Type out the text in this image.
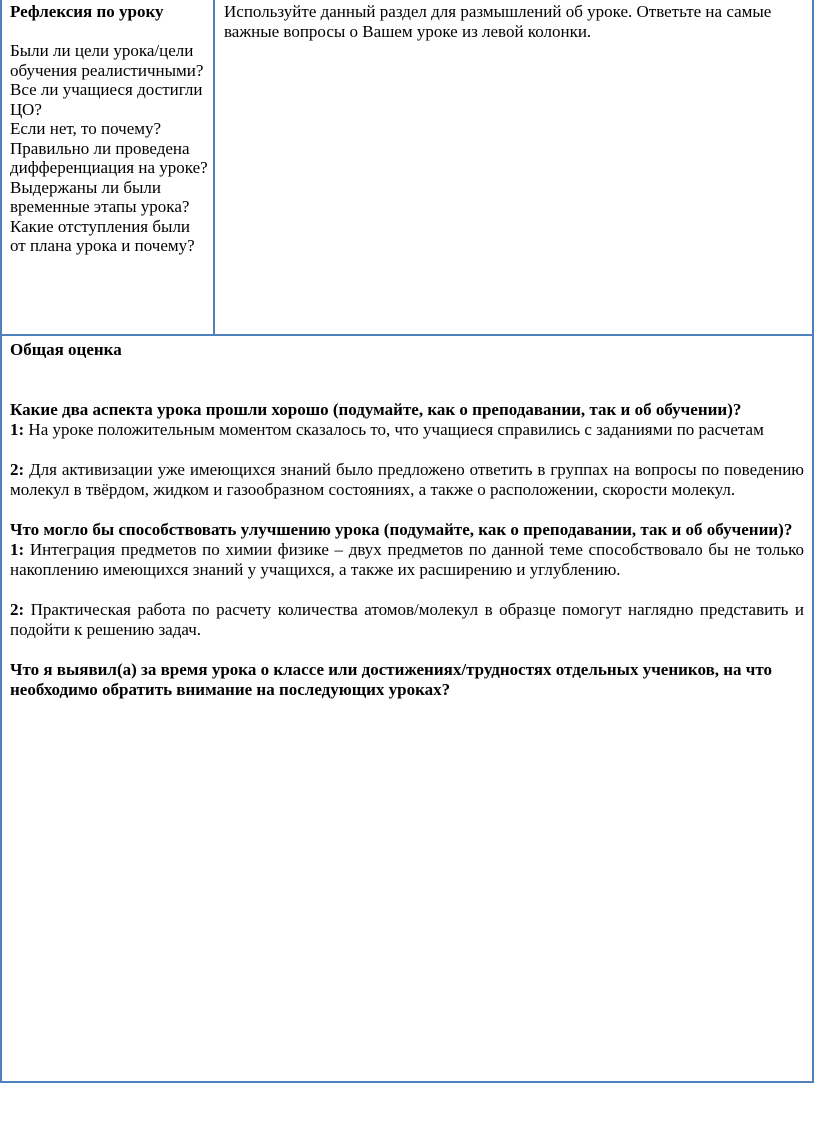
Рефлексия по уроку

Были ли цели урока/цели обучения реалистичными?

Все ли учащиеся достигли ЦО?

Если нет, то почему?

Правильно ли проведена дифференциация на уроке?

Выдержаны ли были временные этапы урока?

Какие отступления были от плана урока и почему?

Используйте данный раздел для размышлений об уроке. Ответьте на самые важные вопросы о Вашем уроке из левой колонки.

Общая оценка

Какие два аспекта урока прошли хорошо (подумайте, как о преподавании, так и об обучении)?

1: На уроке положительным моментом сказалось то, что учащиеся справились с заданиями по расчетам

2: Для активизации уже имеющихся знаний было предложено ответить в группах на вопросы по поведению молекул в твёрдом, жидком и газообразном состояниях, а также о расположении, скорости молекул.

Что могло бы способствовать улучшению урока (подумайте, как о преподавании, так и об обучении)?

1: Интеграция предметов по химии физике – двух предметов по данной теме способствовало бы не только накоплению имеющихся знаний у учащихся, а также их расширению и углублению.

2: Практическая работа по расчету количества атомов/молекул в образце помогут наглядно представить и подойти к решению задач.

Что я выявил(а) за время урока о классе или достижениях/трудностях отдельных учеников, на что необходимо обратить внимание на последующих уроках?
